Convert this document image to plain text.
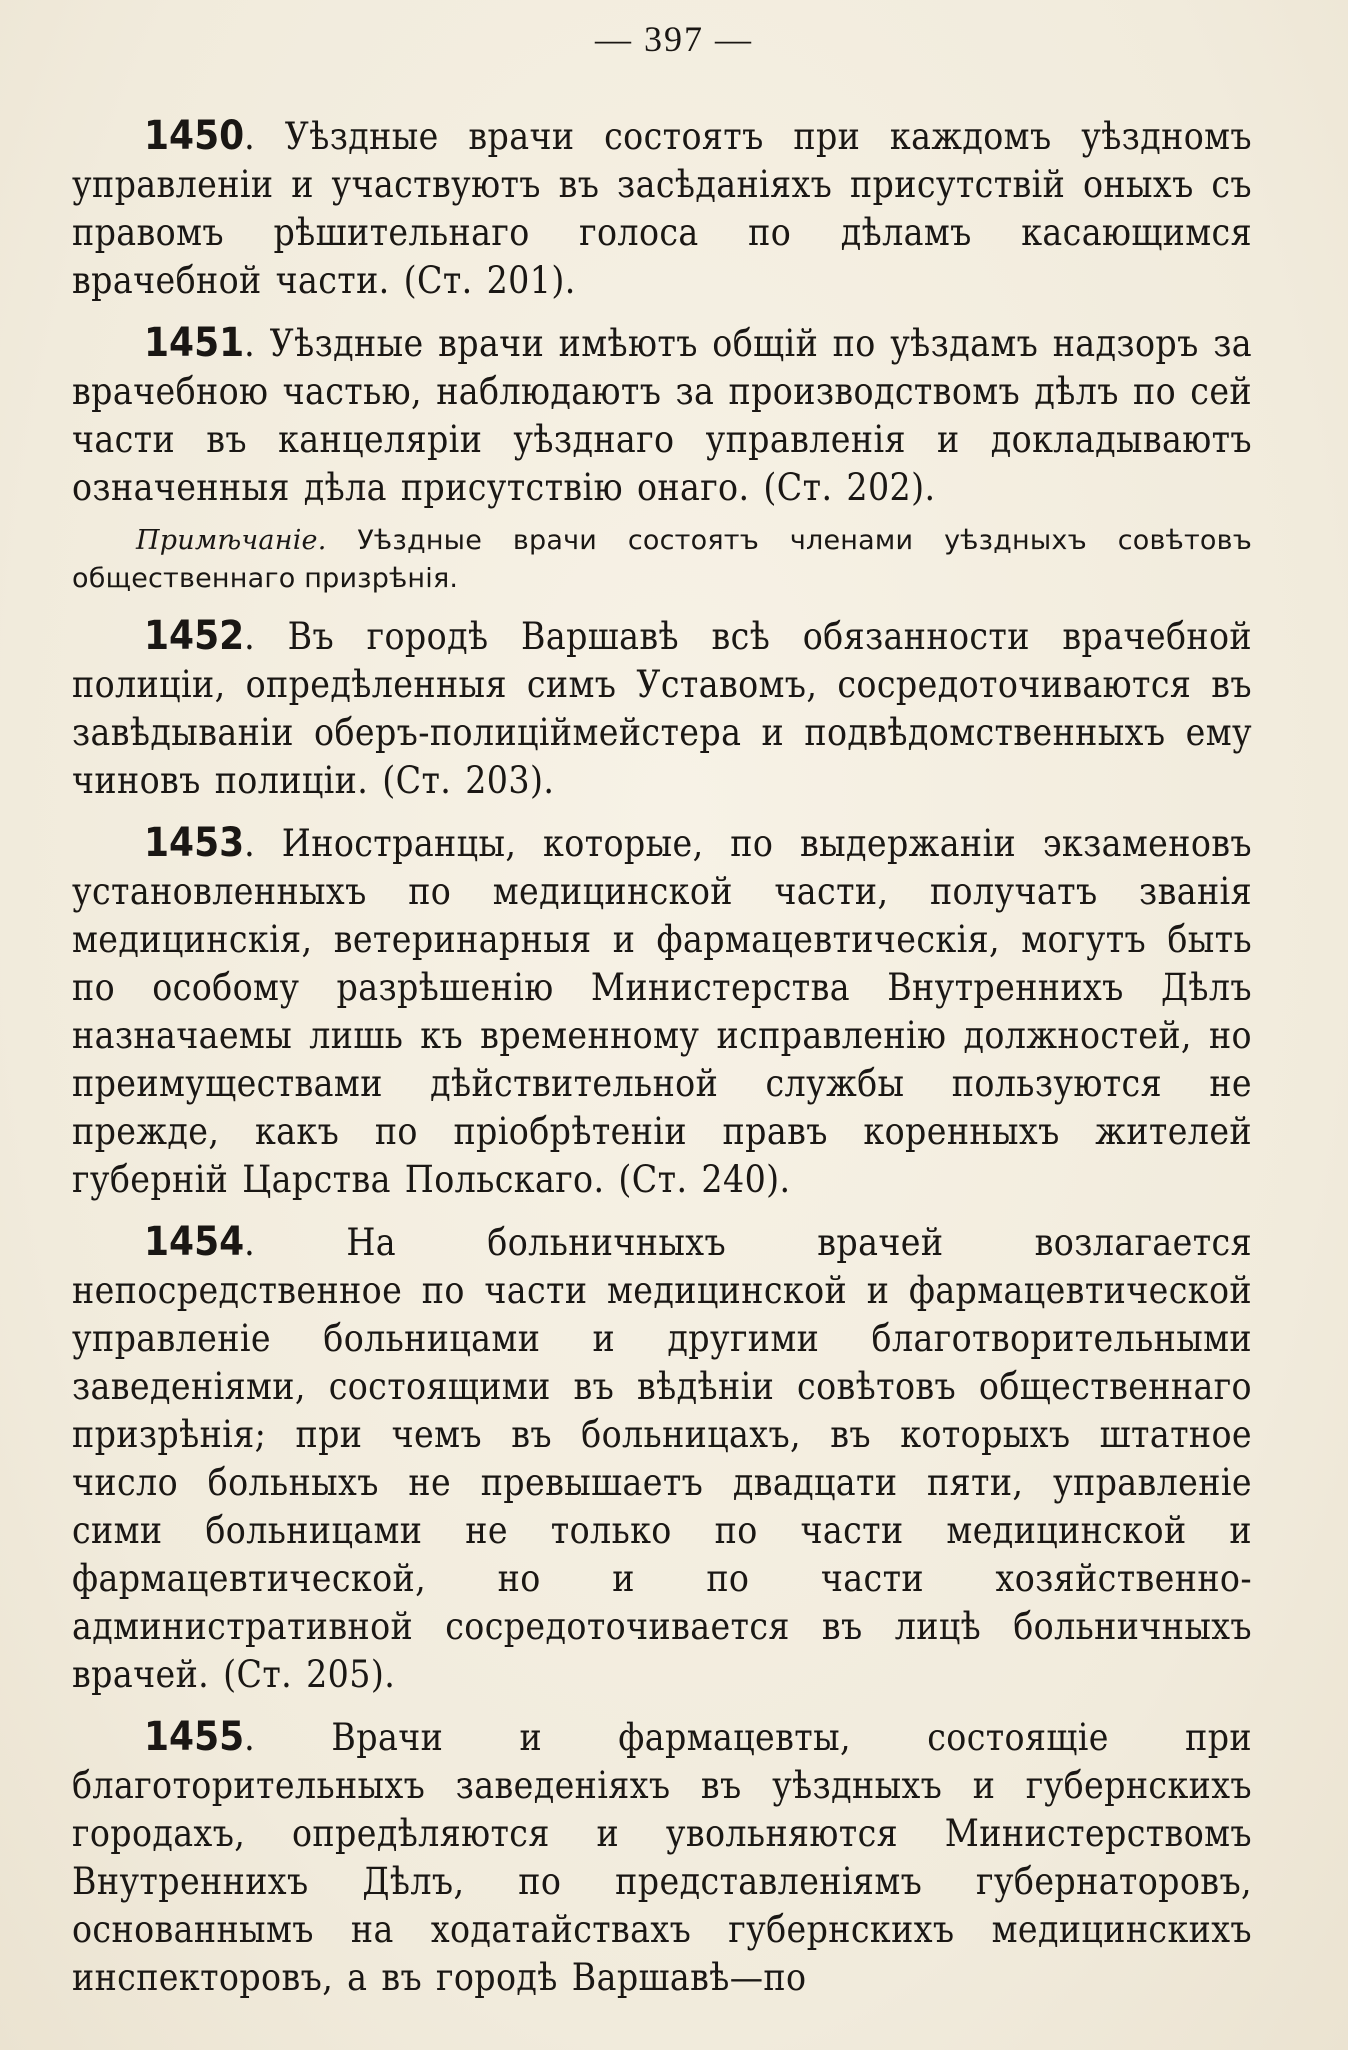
— 397 —

1450. Уѣздные врачи состоятъ при каждомъ уѣздномъ управленіи и участвуютъ въ засѣданіяхъ присутствій оныхъ съ правомъ рѣшительнаго голоса по дѣламъ касающимся врачебной части. (Ст. 201).

1451. Уѣздные врачи имѣютъ общій по уѣздамъ надзоръ за врачебною частью, наблюдаютъ за производствомъ дѣлъ по сей части въ канцеляріи уѣзднаго управленія и докладываютъ означенныя дѣла присутствію онаго. (Ст. 202).

Примѣчаніе. Уѣздные врачи состоятъ членами уѣздныхъ совѣтовъ общественнаго призрѣнія.

1452. Въ городѣ Варшавѣ всѣ обязанности врачебной полиціи, опредѣленныя симъ Уставомъ, сосредоточиваются въ завѣдываніи оберъ-полиціймейстера и подвѣдомственныхъ ему чиновъ полиціи. (Ст. 203).

1453. Иностранцы, которые, по выдержаніи экзаменовъ установленныхъ по медицинской части, получатъ званія медицинскія, ветеринарныя и фармацевтическія, могутъ быть по особому разрѣшенію Министерства Внутреннихъ Дѣлъ назначаемы лишь къ временному исправленію должностей, но преимуществами дѣйствительной службы пользуются не прежде, какъ по пріобрѣтеніи правъ коренныхъ жителей губерній Царства Польскаго. (Ст. 240).

1454. На больничныхъ врачей возлагается непосредственное по части медицинской и фармацевтической управленіе больницами и другими благотворительными заведеніями, состоящими въ вѣдѣніи совѣтовъ общественнаго призрѣнія; при чемъ въ больницахъ, въ которыхъ штатное число больныхъ не превышаетъ двадцати пяти, управленіе сими больницами не только по части медицинской и фармацевтической, но и по части хозяйственно-административной сосредоточивается въ лицѣ больничныхъ врачей. (Ст. 205).

1455. Врачи и фармацевты, состоящіе при благоторительныхъ заведеніяхъ въ уѣздныхъ и губернскихъ городахъ, опредѣляются и увольняются Министерствомъ Внутреннихъ Дѣлъ, по представленіямъ губернаторовъ, основаннымъ на ходатайствахъ губернскихъ медицинскихъ инспекторовъ, а въ городѣ Варшавѣ—по
